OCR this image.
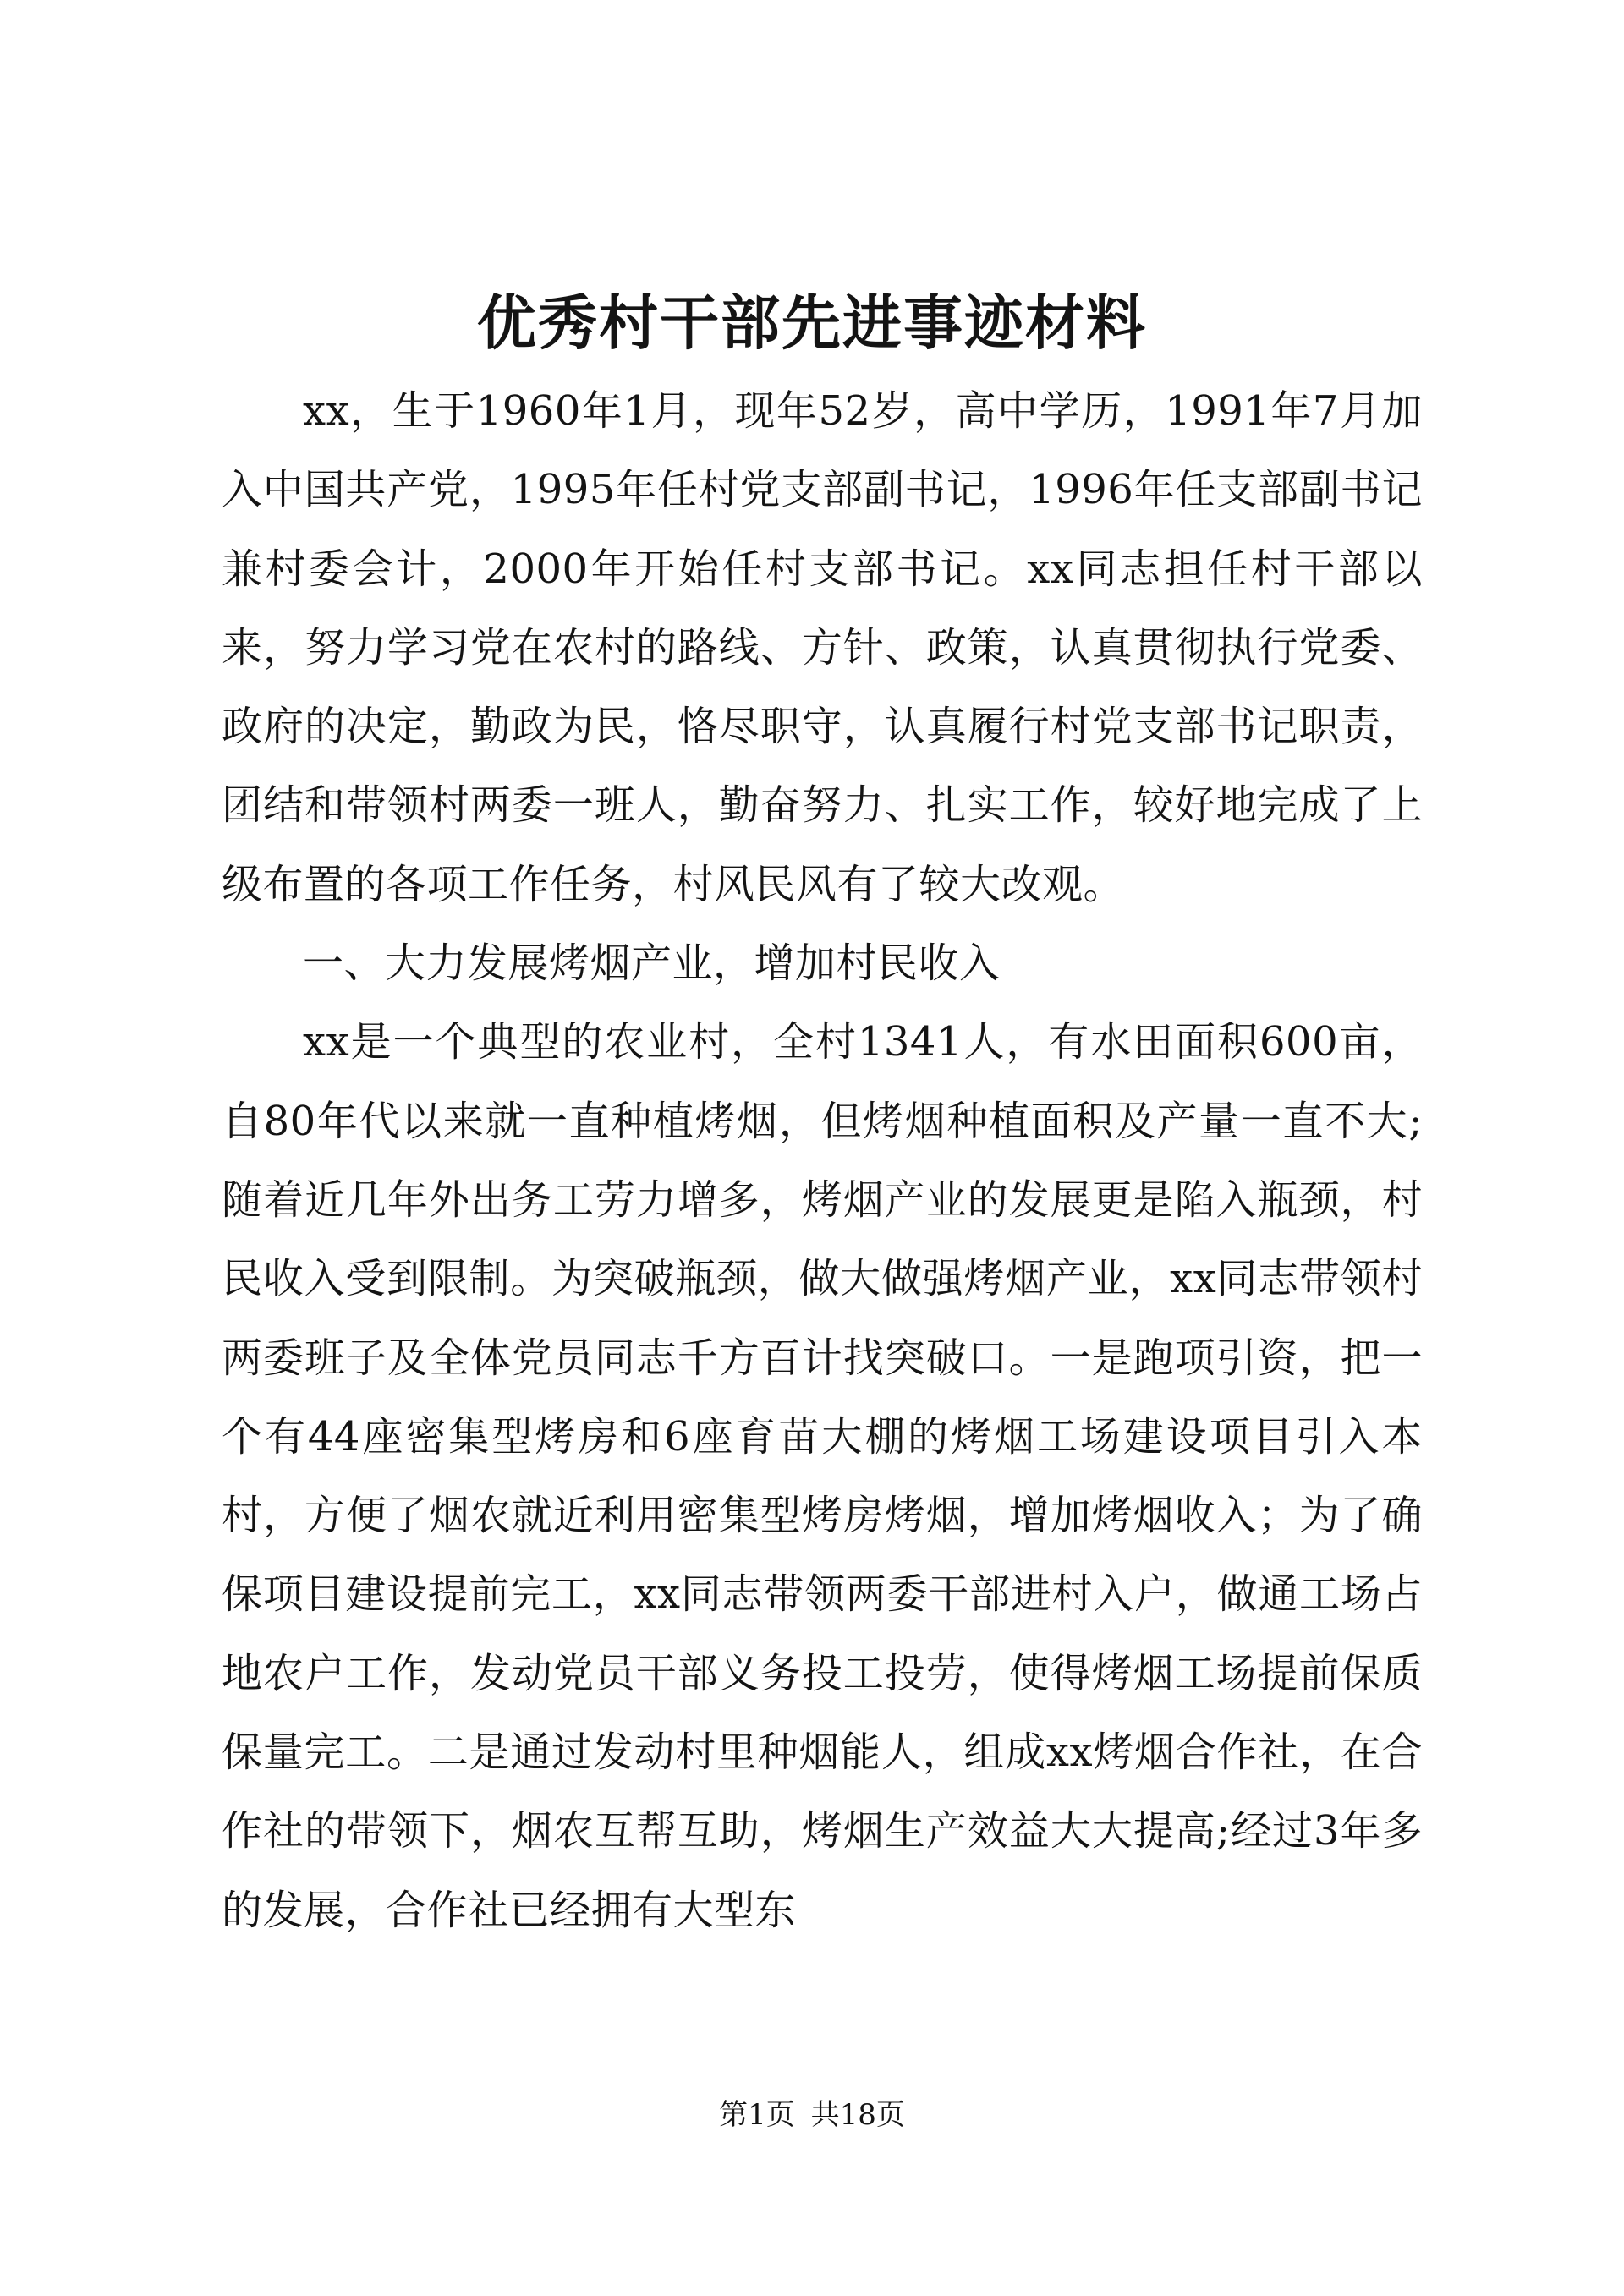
优秀村干部先进事迹材料

xx，生于1960年1月，现年52岁，高中学历，1991年7月加入中国共产党，1995年任村党支部副书记，1996年任支部副书记兼村委会计，2000年开始任村支部书记。xx同志担任村干部以来，努力学习党在农村的路线、方针、政策，认真贯彻执行党委、政府的决定，勤政为民，恪尽职守，认真履行村党支部书记职责，团结和带领村两委一班人，勤奋努力、扎实工作，较好地完成了上级布置的各项工作任务，村风民风有了较大改观。

一、大力发展烤烟产业，增加村民收入

xx是一个典型的农业村，全村1341人，有水田面积600亩，自80年代以来就一直种植烤烟，但烤烟种植面积及产量一直不大;随着近几年外出务工劳力增多，烤烟产业的发展更是陷入瓶颈，村民收入受到限制。为突破瓶颈，做大做强烤烟产业，xx同志带领村两委班子及全体党员同志千方百计找突破口。一是跑项引资，把一个有44座密集型烤房和6座育苗大棚的烤烟工场建设项目引入本村，方便了烟农就近利用密集型烤房烤烟，增加烤烟收入；为了确保项目建设提前完工，xx同志带领两委干部进村入户，做通工场占地农户工作，发动党员干部义务投工投劳，使得烤烟工场提前保质保量完工。二是通过发动村里种烟能人，组成xx烤烟合作社，在合作社的带领下，烟农互帮互助，烤烟生产效益大大提高;经过3年多的发展，合作社已经拥有大型东

第1页 共18页
